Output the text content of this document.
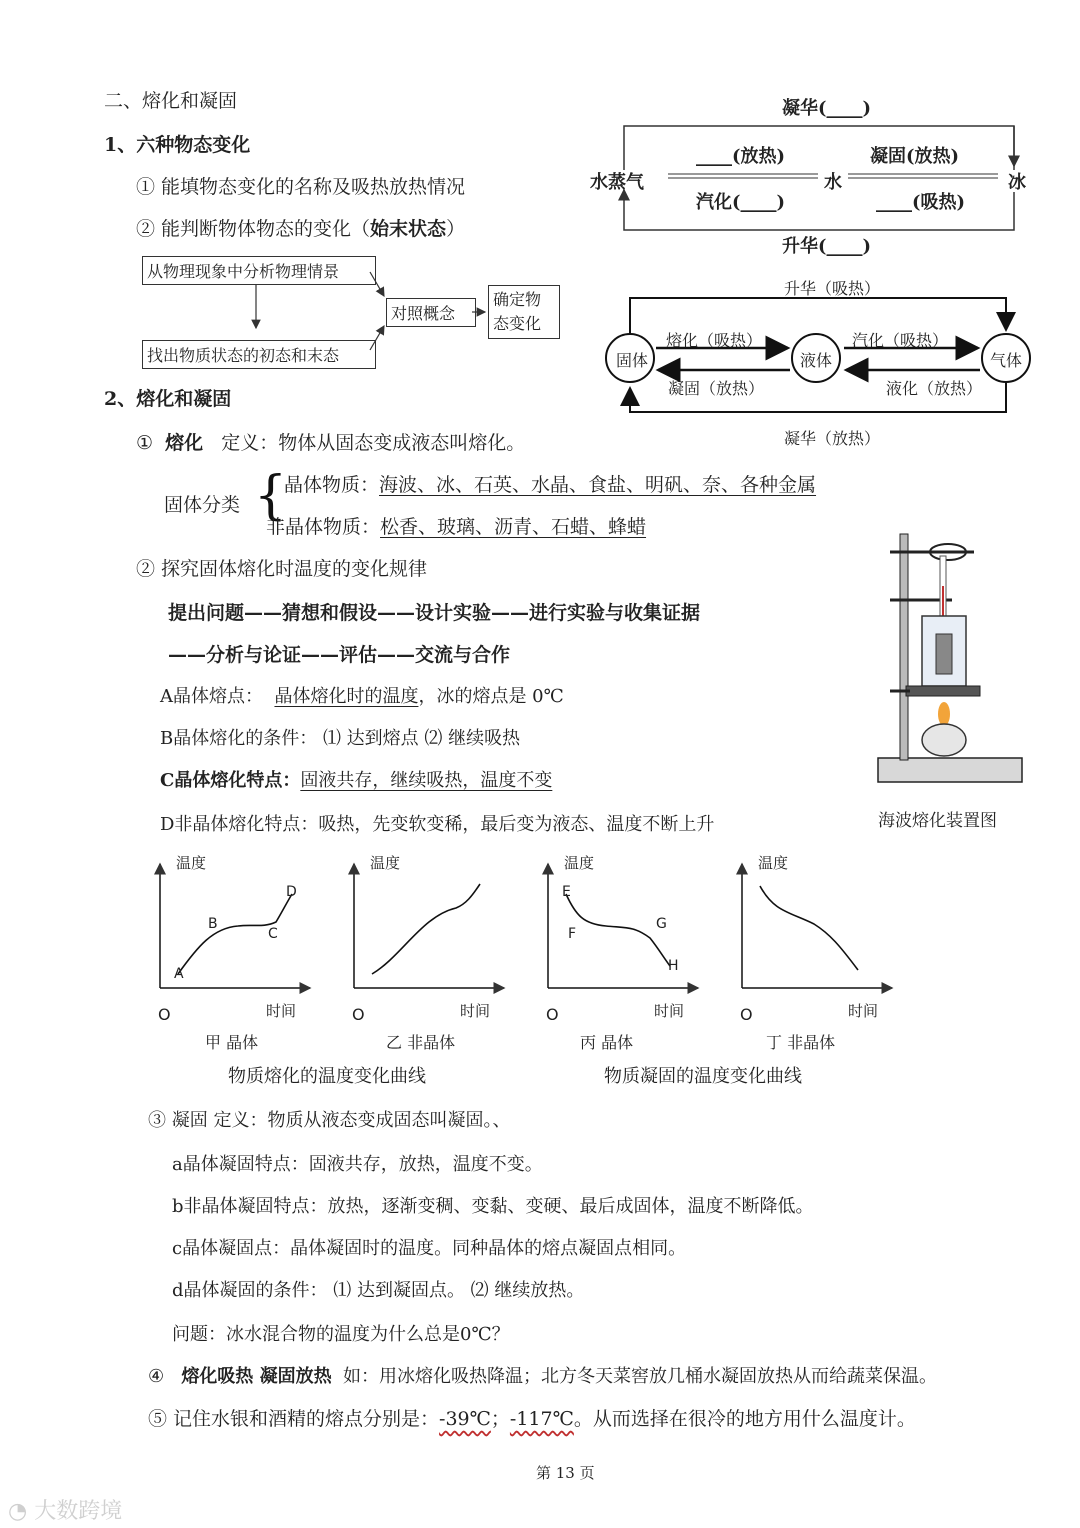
二、熔化和凝固
1、六种物态变化
① 能填物态变化的名称及吸热放热情况
② 能判断物体物态的变化（始末状态）
从物理现象中分析物理情景
找出物质状态的初态和末态
对照概念
确定物
态变化
凝华(____)
水蒸气	水	冰
____(放热)
汽化(____)
凝固(放热)
____(吸热)
升华(____)
升华（吸热）
固体	液体	气体
熔化（吸热）
凝固（放热）
汽化（吸热）
液化（放热）
凝华（放热）
2、熔化和凝固
① 熔化 定义：物体从固态变成液态叫熔化。
固体分类 {
晶体物质：海波、冰、石英、水晶、食盐、明矾、奈、各种金属
非晶体物质：松香、玻璃、沥青、石蜡、蜂蜡
② 探究固体熔化时温度的变化规律
提出问题——猜想和假设——设计实验——进行实验与收集证据
——分析与论证——评估——交流与合作
A晶体熔点： 晶体熔化时的温度，冰的熔点是 0℃
B晶体熔化的条件： ⑴ 达到熔点 ⑵ 继续吸热
C晶体熔化特点：固液共存，继续吸热，温度不变
D非晶体熔化特点：吸热，先变软变稀，最后变为液态、温度不断上升	海波熔化装置图
温度
时间
O
温度
时间
O
温度
时间
O
温度
时间
O
A
B
C
D	E
F
G
H
甲 晶体	乙 非晶体	丙 晶体	丁 非晶体
物质熔化的温度变化曲线	物质凝固的温度变化曲线
③ 凝固 定义：物质从液态变成固态叫凝固。、
a晶体凝固特点：固液共存，放热，温度不变。
b非晶体凝固特点：放热，逐渐变稠、变黏、变硬、最后成固体，温度不断降低。
c晶体凝固点：晶体凝固时的温度。同种晶体的熔点凝固点相同。
d晶体凝固的条件： ⑴ 达到凝固点。 ⑵ 继续放热。
问题：冰水混合物的温度为什么总是0℃？
④ 熔化吸热 凝固放热 如：用冰熔化吸热降温；北方冬天菜窖放几桶水凝固放热从而给蔬菜保温。
⑤ 记住水银和酒精的熔点分别是：-39℃；-117℃。从而选择在很冷的地方用什么温度计。
第 13 页
◔ 大数跨境
